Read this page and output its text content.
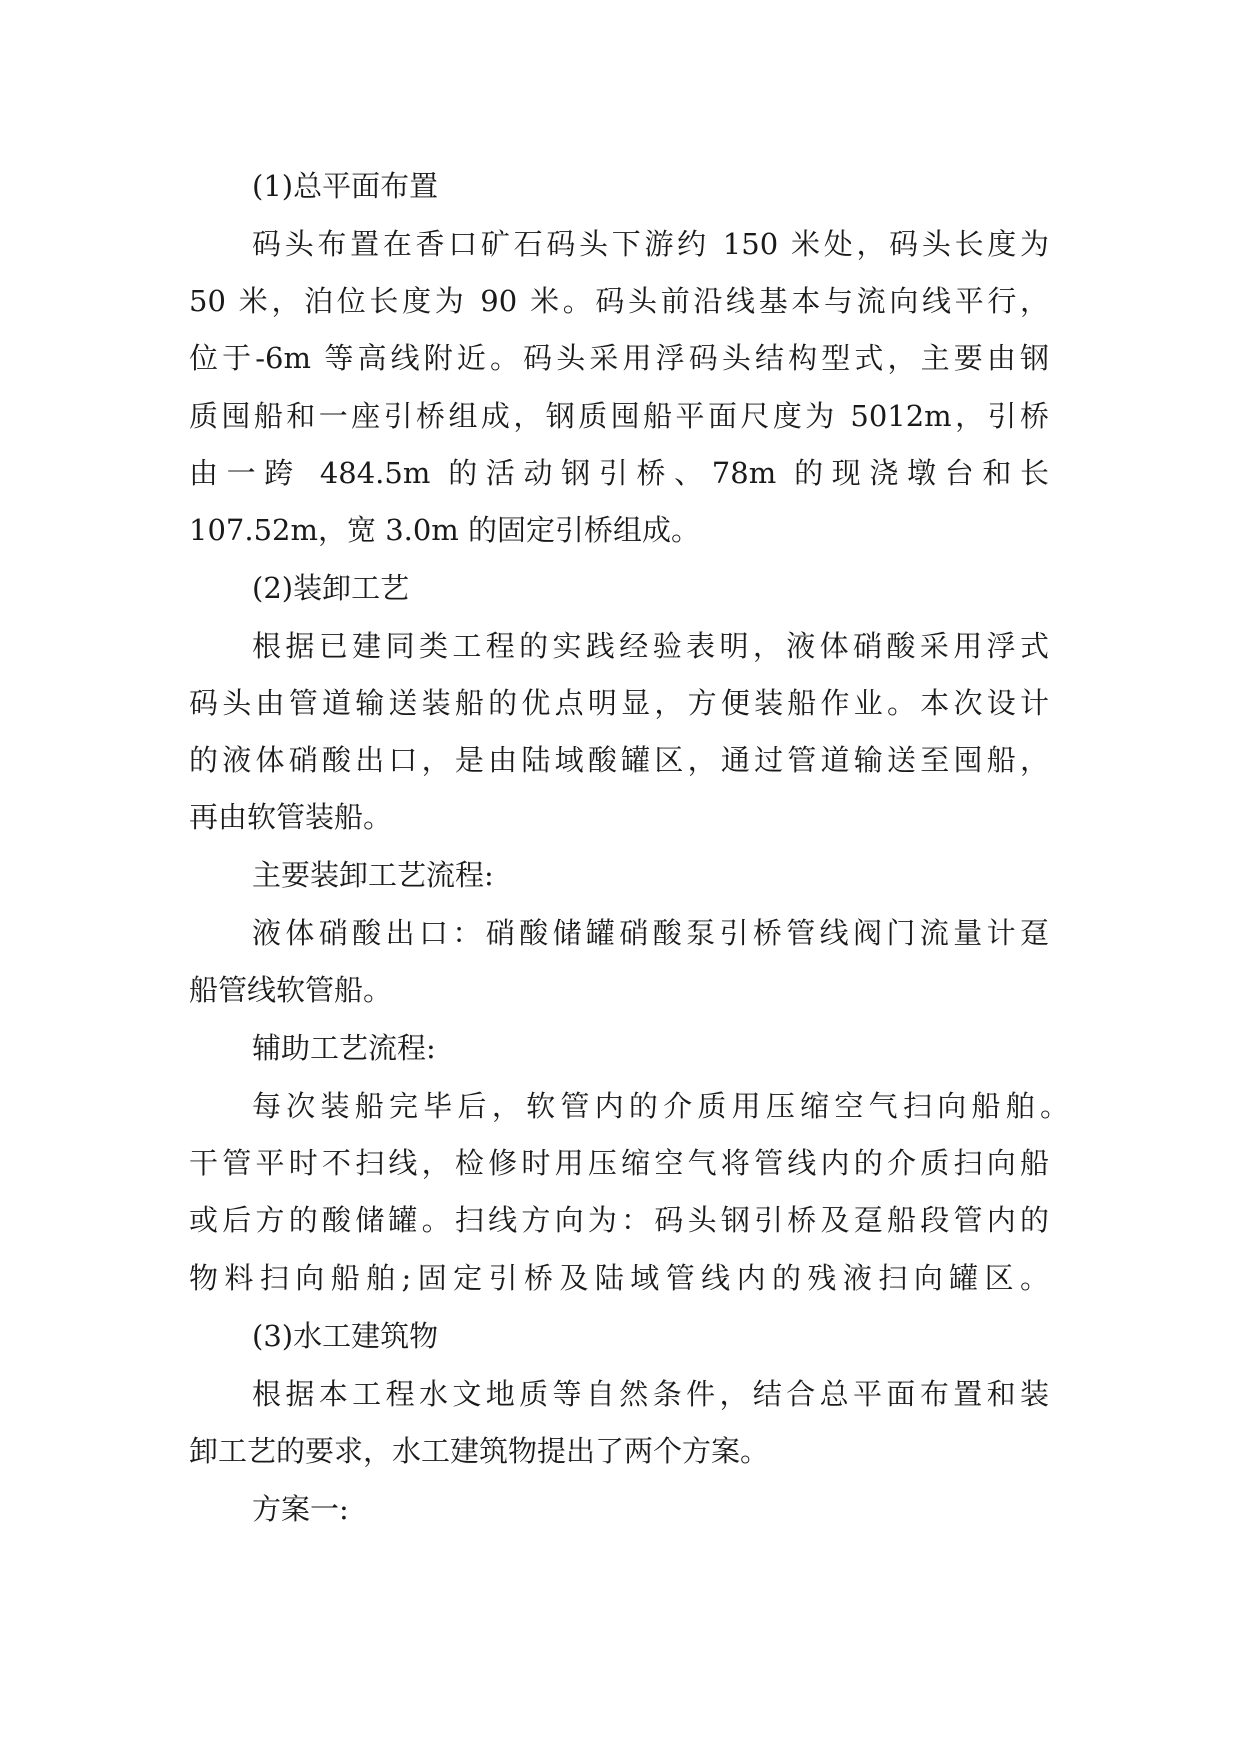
(1)总平面布置
码头布置在香口矿石码头下游约 150 米处，码头长度为
50 米，泊位长度为 90 米。码头前沿线基本与流向线平行，
位于-6m 等高线附近。码头采用浮码头结构型式，主要由钢
质囤船和一座引桥组成，钢质囤船平面尺度为 5012m，引桥
由一跨 484.5m 的活动钢引桥、78m 的现浇墩台和长
107.52m，宽 3.0m 的固定引桥组成。
(2)装卸工艺
根据已建同类工程的实践经验表明，液体硝酸采用浮式
码头由管道输送装船的优点明显，方便装船作业。本次设计
的液体硝酸出口，是由陆域酸罐区，通过管道输送至囤船，
再由软管装船。
主要装卸工艺流程:
液体硝酸出口：硝酸储罐硝酸泵引桥管线阀门流量计趸
船管线软管船。
辅助工艺流程:
每次装船完毕后，软管内的介质用压缩空气扫向船舶。
干管平时不扫线，检修时用压缩空气将管线内的介质扫向船
或后方的酸储罐。扫线方向为：码头钢引桥及趸船段管内的
物料扫向船舶;固定引桥及陆域管线内的残液扫向罐区。
(3)水工建筑物
根据本工程水文地质等自然条件，结合总平面布置和装
卸工艺的要求，水工建筑物提出了两个方案。
方案一:
